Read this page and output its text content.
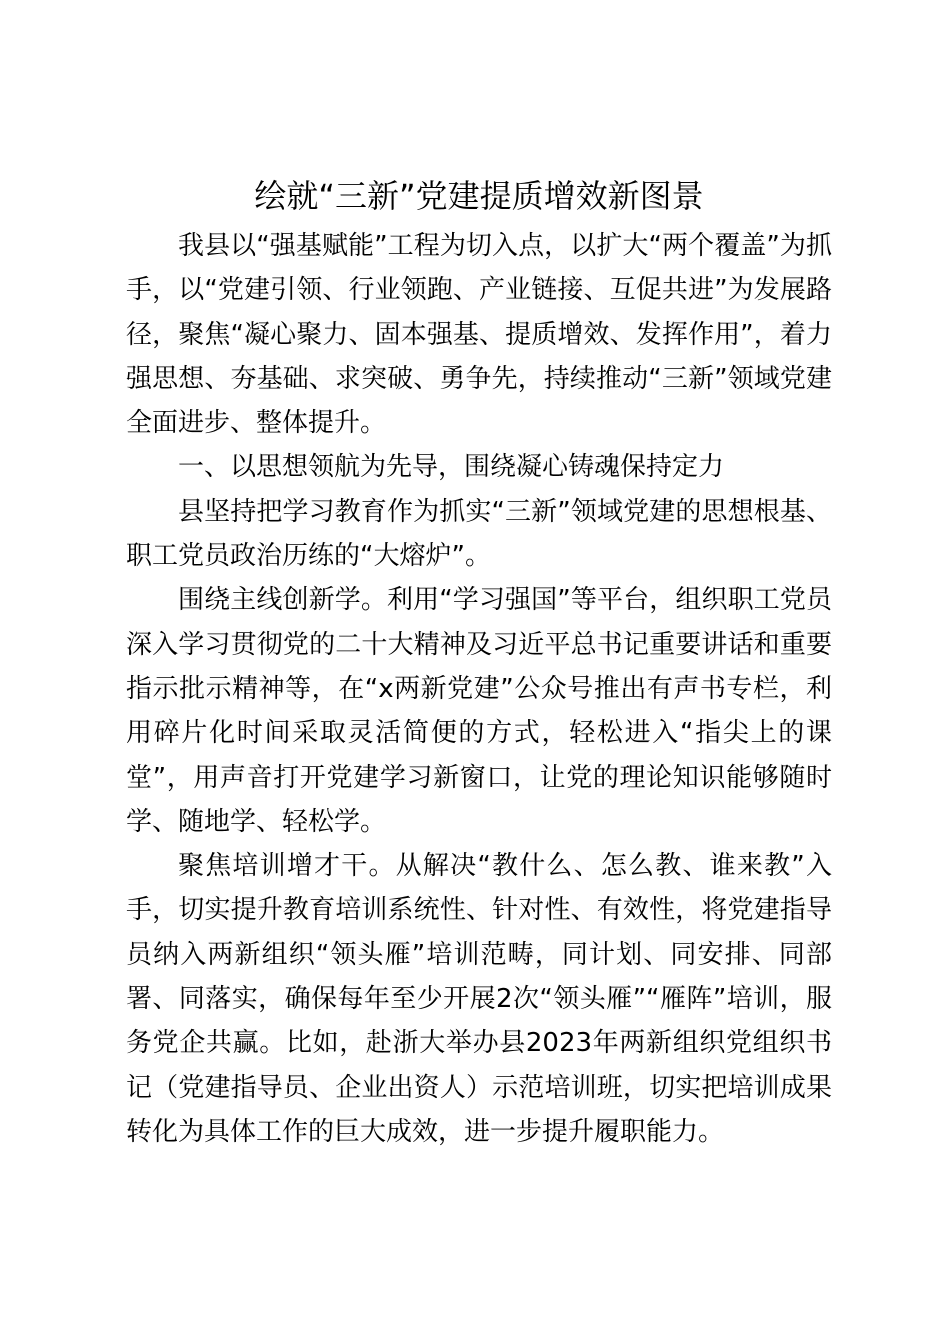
绘就“三新”党建提质增效新图景

我县以“强基赋能”工程为切入点，以扩大“两个覆盖”为抓手，以“党建引领、行业领跑、产业链接、互促共进”为发展路径，聚焦“凝心聚力、固本强基、提质增效、发挥作用”，着力强思想、夯基础、求突破、勇争先，持续推动“三新”领域党建全面进步、整体提升。

一、以思想领航为先导，围绕凝心铸魂保持定力

县坚持把学习教育作为抓实“三新”领域党建的思想根基、职工党员政治历练的“大熔炉”。

围绕主线创新学。利用“学习强国”等平台，组织职工党员深入学习贯彻党的二十大精神及习近平总书记重要讲话和重要指示批示精神等，在“x两新党建”公众号推出有声书专栏，利用碎片化时间采取灵活简便的方式，轻松进入“指尖上的课堂”，用声音打开党建学习新窗口，让党的理论知识能够随时学、随地学、轻松学。

聚焦培训增才干。从解决“教什么、怎么教、谁来教”入手，切实提升教育培训系统性、针对性、有效性，将党建指导员纳入两新组织“领头雁”培训范畴，同计划、同安排、同部署、同落实，确保每年至少开展2次“领头雁”“雁阵”培训，服务党企共赢。比如，赴浙大举办县2023年两新组织党组织书记（党建指导员、企业出资人）示范培训班，切实把培训成果转化为具体工作的巨大成效，进一步提升履职能力。
